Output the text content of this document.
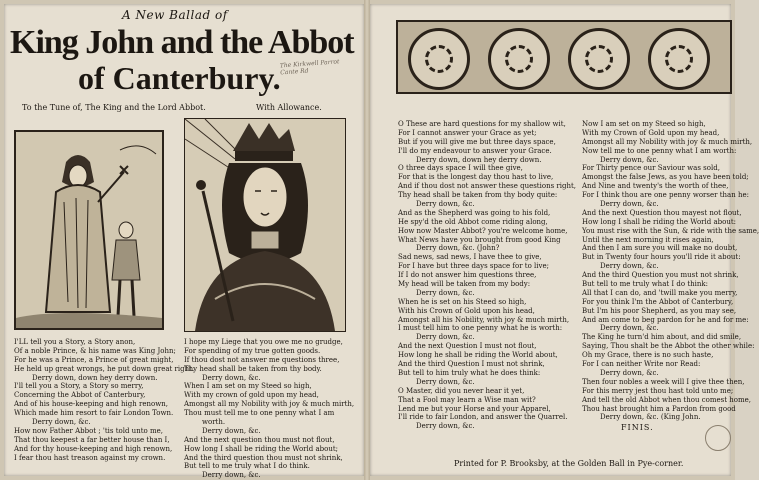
A New Ballad of
King John and the Abbot
of Canterbury.
The Kirkwell Parrot Cante Rd
To the Tune of, The King and the Lord Abbot.	With Allowance.
I'LL tell you a Story, a Story anon,
Of a noble Prince, & his name was King John;
For he was a Prince, a Prince of great might,
He held up great wrongs, he put down great right.
Derry down, down hey derry down.
I'll tell you a Story, a Story so merry,
Concerning the Abbot of Canterbury,
And of his house-keeping and high renown,
Which made him resort to fair London Town.
Derry down, &c.
How now Father Abbot ; 'tis told unto me,
That thou keepest a far better house than I,
And for thy house-keeping and high renown,
I fear thou hast treason against my crown.
I hope my Liege that you owe me no grudge,
For spending of my true gotten goods.
If thou dost not answer me questions three,
Thy head shall be taken from thy body.
Derry down, &c.
When I am set on my Steed so high,
With my crown of gold upon my head,
Amongst all my Nobility with joy & much mirth,
Thou must tell me to one penny what I am
worth.
Derry down, &c.
And the next question thou must not flout,
How long I shall be riding the World about;
And the third question thou must not shrink,
But tell to me truly what I do think.
Derry down, &c.
O These are hard questions for my shallow wit,
For I cannot answer your Grace as yet;
But if you will give me but three days space,
I'll do my endeavour to answer your Grace.
Derry down, down hey derry down.
O three days space I will thee give,
For that is the longest day thou hast to live,
And if thou dost not answer these questions right,
Thy head shall be taken from thy body quite:
Derry down, &c.
And as the Shepherd was going to his fold,
He spy'd the old Abbot come riding along,
How now Master Abbot? you're welcome home,
What News have you brought from good King
Derry down, &c. (John?
Sad news, sad news, I have thee to give,
For I have but three days space for to live;
If I do not answer him questions three,
My head will be taken from my body:
Derry down, &c.
When he is set on his Steed so high,
With his Crown of Gold upon his head,
Amongst all his Nobility, with joy & much mirth,
I must tell him to one penny what he is worth:
Derry down, &c.
And the next Question I must not flout,
How long he shall be riding the World about,
And the third Question I must not shrink,
But tell to him truly what he does think:
Derry down, &c.
O Master, did you never hear it yet,
That a Fool may learn a Wise man wit?
Lend me but your Horse and your Apparel,
I'll ride to fair London, and answer the Quarrel.
Derry down, &c.
Now I am set on my Steed so high,
With my Crown of Gold upon my head,
Amongst all my Nobility with joy & much mirth,
Now tell me to one penny what I am worth:
Derry down, &c.
For Thirty pence our Saviour was sold,
Amongst the false Jews, as you have been told;
And Nine and twenty's the worth of thee,
For I think thou are one penny worser than he:
Derry down, &c.
And the next Question thou mayest not flout,
How long I shall be riding the World about:
You must rise with the Sun, & ride with the same,
Until the next morning it rises again,
And then I am sure you will make no doubt,
But in Twenty four hours you'll ride it about:
Derry down, &c.
And the third Question you must not shrink,
But tell to me truly what I do think:
All that I can do, and 'twill make you merry,
For you think I'm the Abbot of Canterbury,
But I'm his poor Shepherd, as you may see,
And am come to beg pardon for he and for me:
Derry down, &c.
The King he turn'd him about, and did smile,
Saying, Thou shalt be the Abbot the other while:
Oh my Grace, there is no such haste,
For I can neither Write nor Read:
Derry down, &c.
Then four nobles a week will I give thee then,
For this merry jest thou hast told unto me;
And tell the old Abbot when thou comest home,
Thou hast brought him a Pardon from good
Derry down, &c. (King John.
FINIS.
Printed for P. Brooksby, at the Golden Ball in Pye-corner.
